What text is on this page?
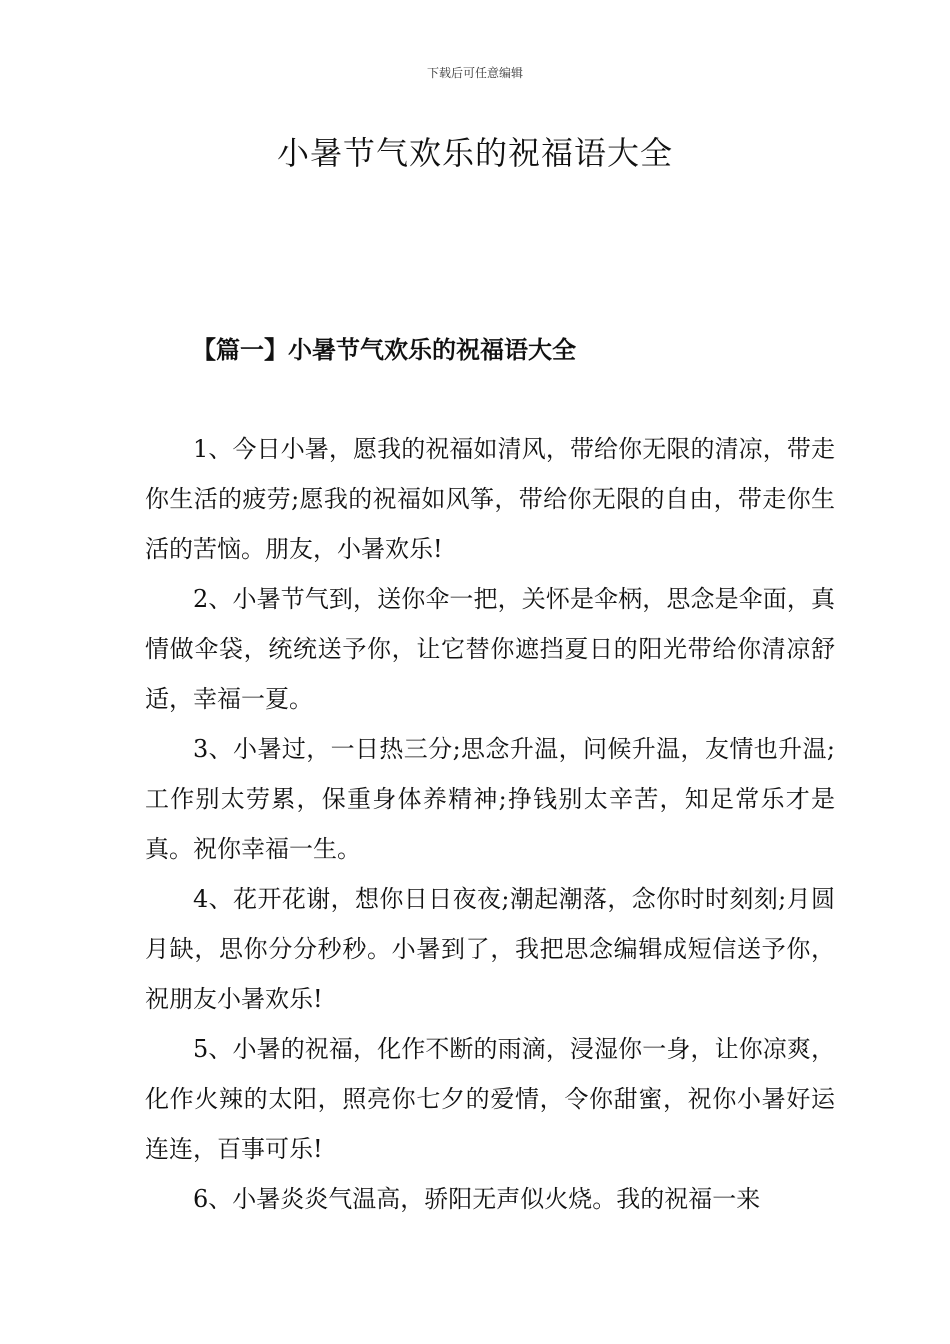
下载后可任意编辑
小暑节气欢乐的祝福语大全
【篇一】小暑节气欢乐的祝福语大全

1、今日小暑，愿我的祝福如清风，带给你无限的清凉，带走你生活的疲劳;愿我的祝福如风筝，带给你无限的自由，带走你生活的苦恼。朋友，小暑欢乐!

2、小暑节气到，送你伞一把，关怀是伞柄，思念是伞面，真情做伞袋，统统送予你，让它替你遮挡夏日的阳光带给你清凉舒适，幸福一夏。

3、小暑过，一日热三分;思念升温，问候升温，友情也升温;工作别太劳累，保重身体养精神;挣钱别太辛苦，知足常乐才是真。祝你幸福一生。

4、花开花谢，想你日日夜夜;潮起潮落，念你时时刻刻;月圆月缺，思你分分秒秒。小暑到了，我把思念编辑成短信送予你，祝朋友小暑欢乐!

5、小暑的祝福，化作不断的雨滴，浸湿你一身，让你凉爽，化作火辣的太阳，照亮你七夕的爱情，令你甜蜜，祝你小暑好运连连，百事可乐!

6、小暑炎炎气温高，骄阳无声似火烧。我的祝福一来
